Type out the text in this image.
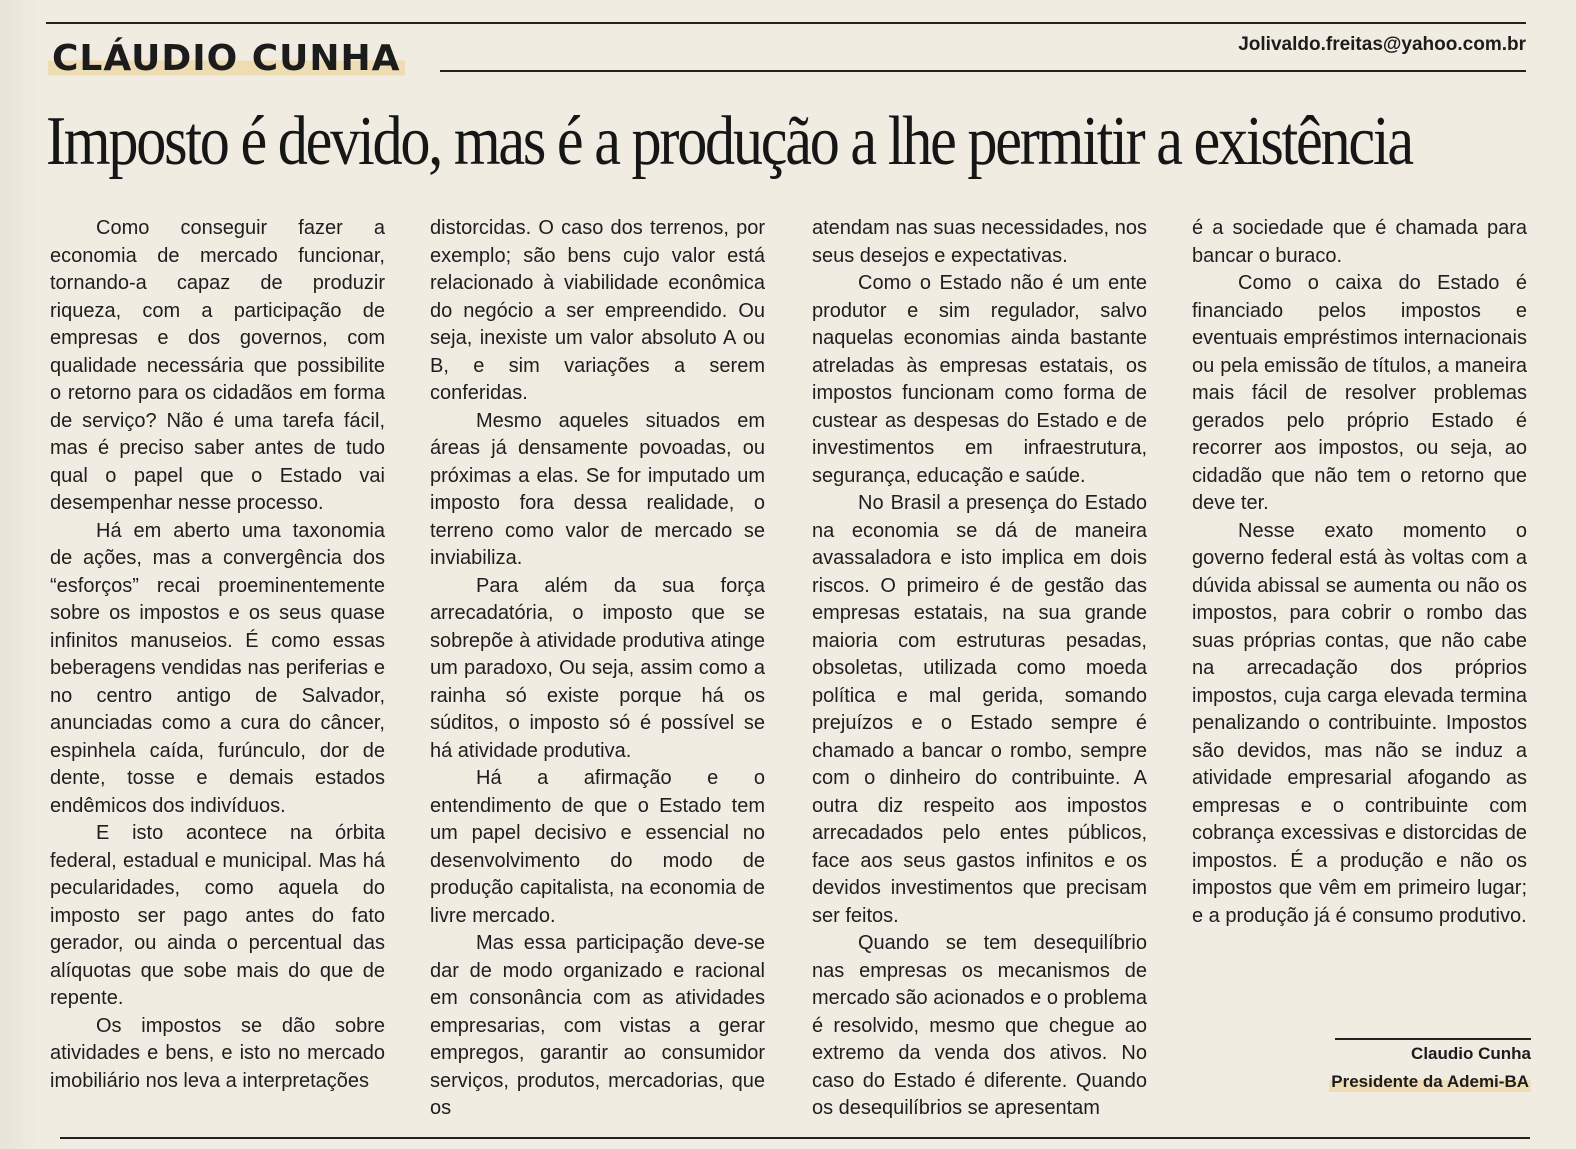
CLÁUDIO CUNHA	Jolivaldo.freitas@yahoo.com.br
Imposto é devido, mas é a produção a lhe permitir a existência

Como conseguir fazer a economia de mercado funcionar, tornando-a capaz de produzir riqueza, com a participação de empresas e dos governos, com qualidade necessária que possibilite o retorno para os cidadãos em forma de serviço? Não é uma tarefa fácil, mas é preciso saber antes de tudo qual o papel que o Estado vai desempenhar nesse processo.

Há em aberto uma taxonomia de ações, mas a convergência dos “esforços” recai proeminentemente sobre os impostos e os seus quase infinitos manuseios. É como essas beberagens vendidas nas periferias e no centro antigo de Salvador, anunciadas como a cura do câncer, espinhela caída, furúnculo, dor de dente, tosse e demais estados endêmicos dos indivíduos.

E isto acontece na órbita federal, estadual e municipal. Mas há pecularidades, como aquela do imposto ser pago antes do fato gerador, ou ainda o percentual das alíquotas que sobe mais do que de repente.

Os impostos se dão sobre atividades e bens, e isto no mercado imobiliário nos leva a interpretações

distorcidas. O caso dos terrenos, por exemplo; são bens cujo valor está relacionado à viabilidade econômica do negócio a ser empreendido. Ou seja, inexiste um valor absoluto A ou B, e sim variações a serem conferidas.

Mesmo aqueles situados em áreas já densamente povoadas, ou próximas a elas. Se for imputado um imposto fora dessa realidade, o terreno como valor de mercado se inviabiliza.

Para além da sua força arrecadatória, o imposto que se sobrepõe à atividade produtiva atinge um paradoxo, Ou seja, assim como a rainha só existe porque há os súditos, o imposto só é possível se há atividade produtiva.

Há a afirmação e o entendimento de que o Estado tem um papel decisivo e essencial no desenvolvimento do modo de produção capitalista, na economia de livre mercado.

Mas essa participação deve-se dar de modo organizado e racional em consonância com as atividades empresarias, com vistas a gerar empregos, garantir ao consumidor serviços, produtos, mercadorias, que os

atendam nas suas necessidades, nos seus desejos e expectativas.

Como o Estado não é um ente produtor e sim regulador, salvo naquelas economias ainda bastante atreladas às empresas estatais, os impostos funcionam como forma de custear as despesas do Estado e de investimentos em infraestrutura, segurança, educação e saúde.

No Brasil a presença do Estado na economia se dá de maneira avassaladora e isto implica em dois riscos. O primeiro é de gestão das empresas estatais, na sua grande maioria com estruturas pesadas, obsoletas, utilizada como moeda política e mal gerida, somando prejuízos e o Estado sempre é chamado a bancar o rombo, sempre com o dinheiro do contribuinte. A outra diz respeito aos impostos arrecadados pelo entes públicos, face aos seus gastos infinitos e os devidos investimentos que precisam ser feitos.

Quando se tem desequilíbrio nas empresas os mecanismos de mercado são acionados e o problema é resolvido, mesmo que chegue ao extremo da venda dos ativos. No caso do Estado é diferente. Quando os desequilíbrios se apresentam

é a sociedade que é chamada para bancar o buraco.

Como o caixa do Estado é financiado pelos impostos e eventuais empréstimos internacionais ou pela emissão de títulos, a maneira mais fácil de resolver problemas gerados pelo próprio Estado é recorrer aos impostos, ou seja, ao cidadão que não tem o retorno que deve ter.

Nesse exato momento o governo federal está às voltas com a dúvida abissal se aumenta ou não os impostos, para cobrir o rombo das suas próprias contas, que não cabe na arrecadação dos próprios impostos, cuja carga elevada termina penalizando o contribuinte. Impostos são devidos, mas não se induz a atividade empresarial afogando as empresas e o contribuinte com cobrança excessivas e distorcidas de impostos. É a produção e não os impostos que vêm em primeiro lugar; e a produção já é consumo produtivo.

Claudio Cunha
Presidente da Ademi-BA
